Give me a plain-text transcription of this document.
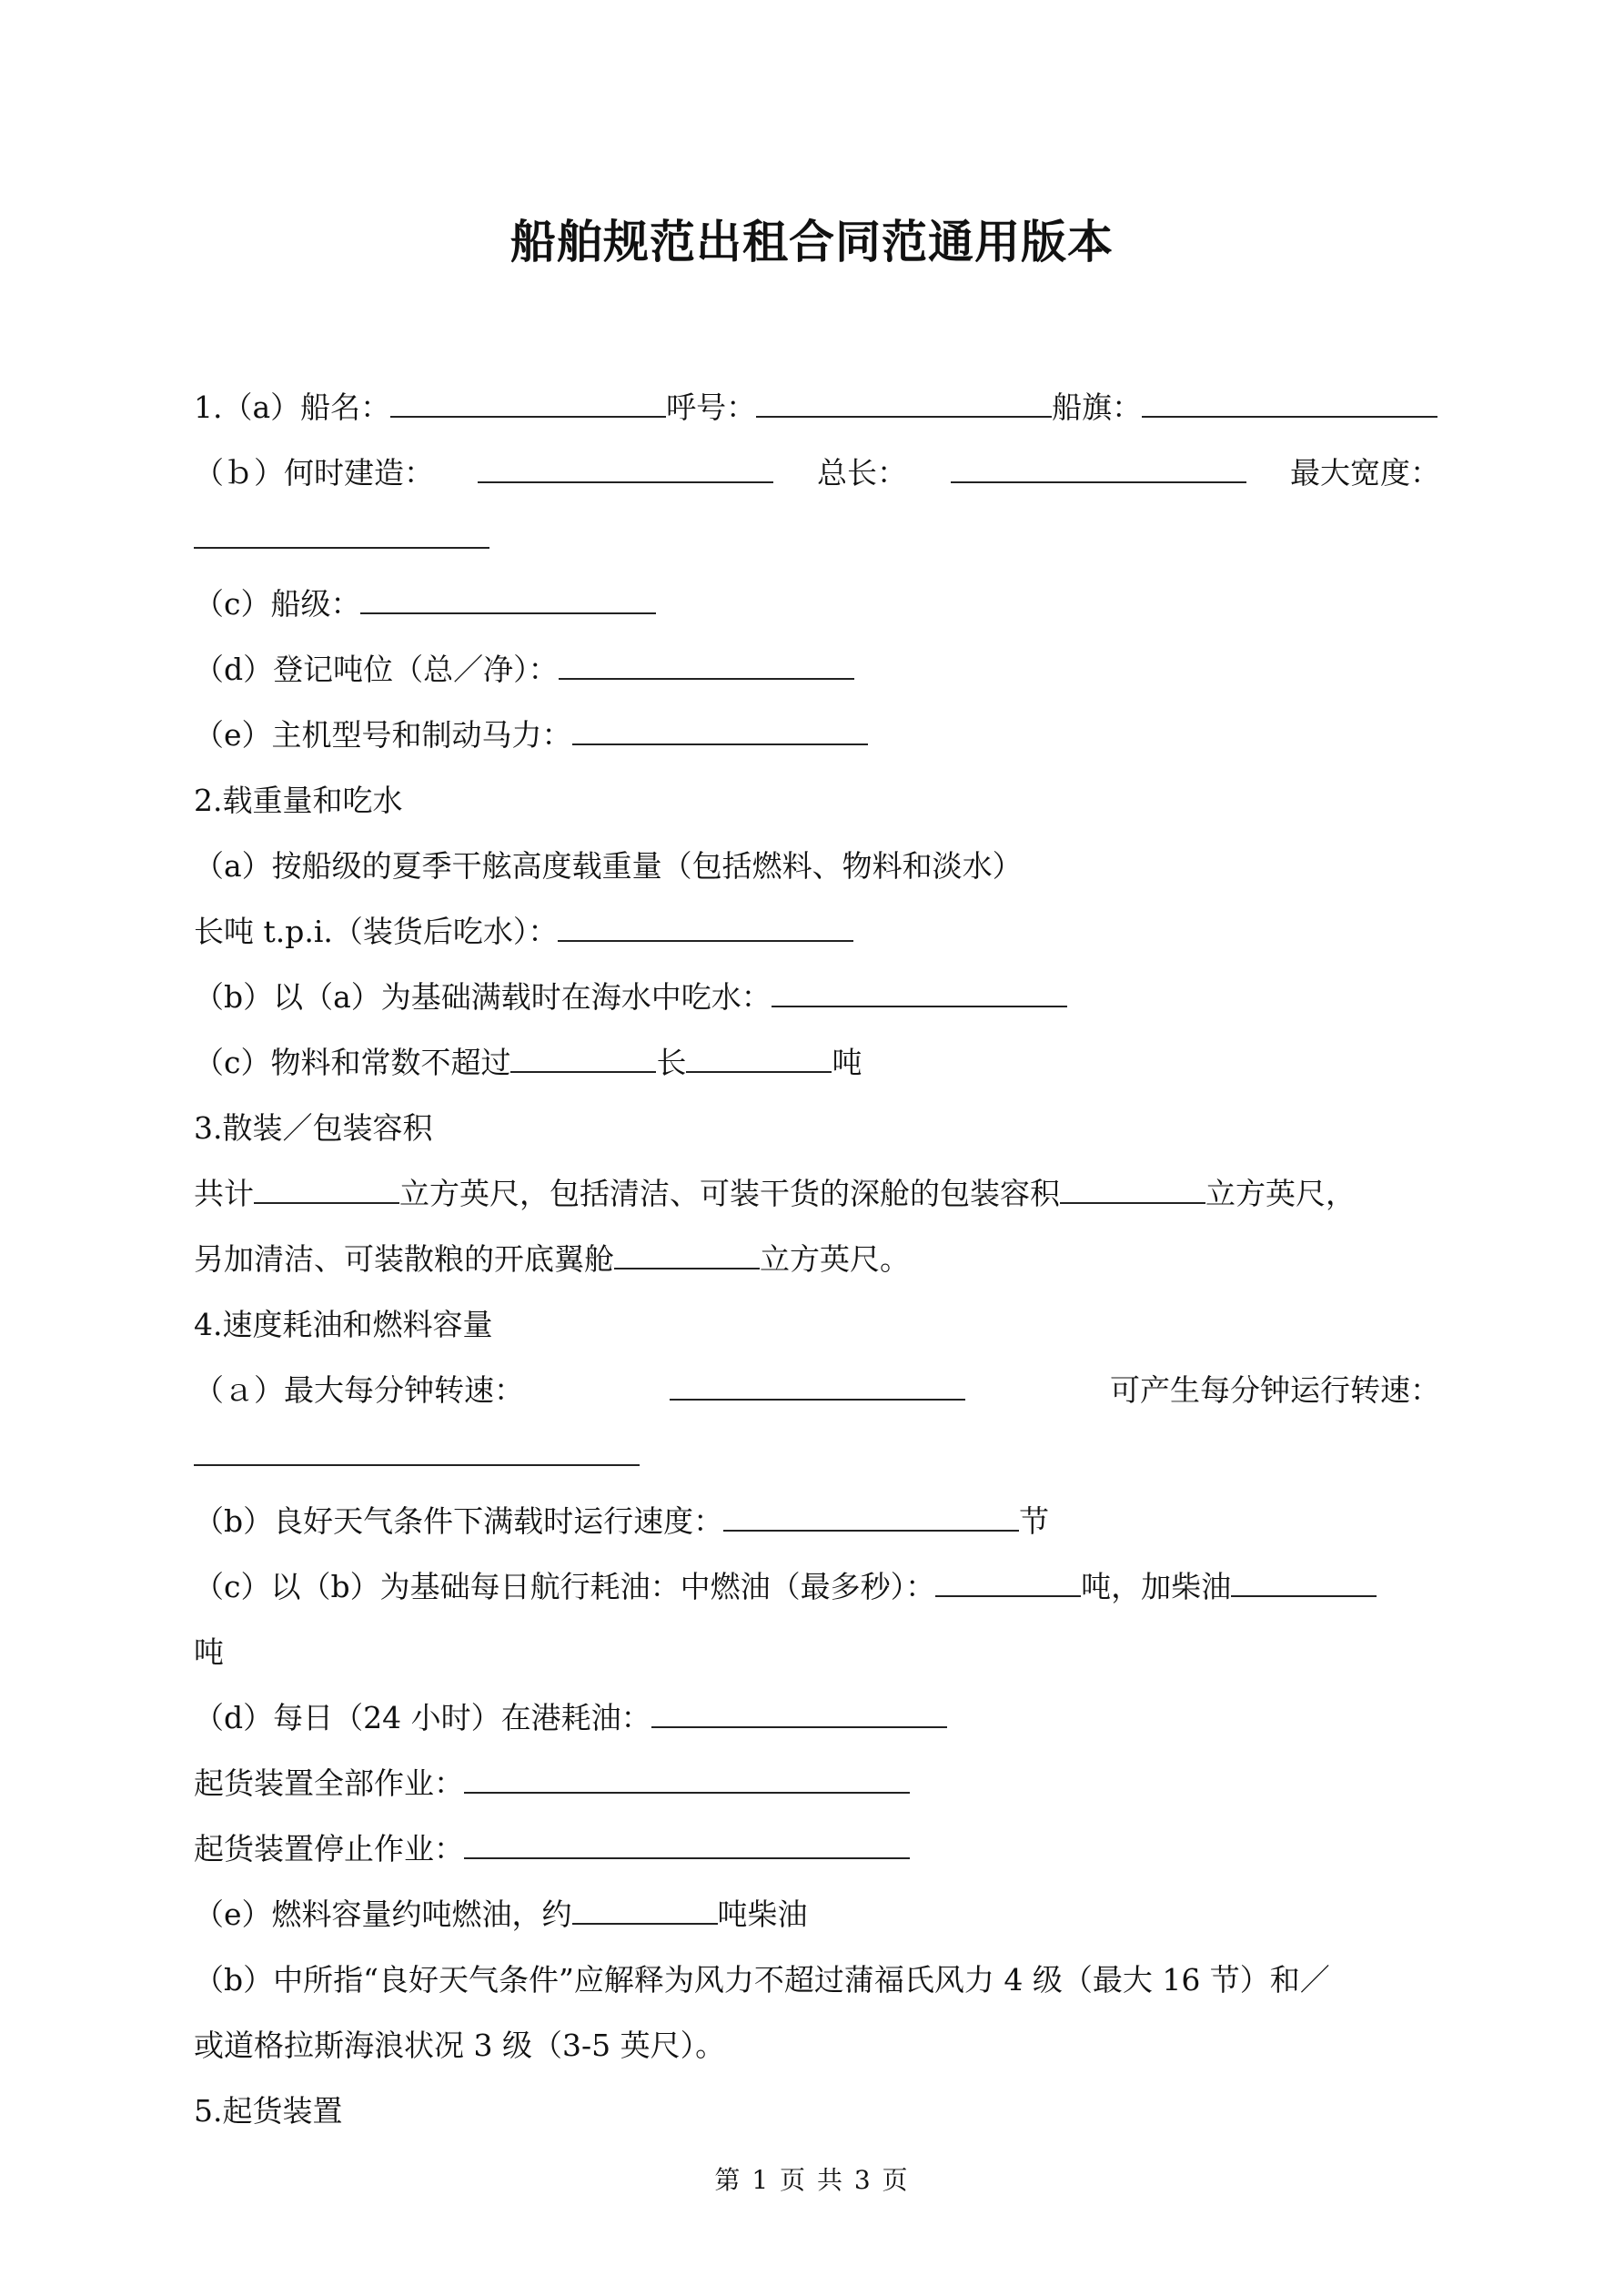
船舶规范出租合同范通用版本
1.（a）船名：	呼号：	船旗：
（ｂ）何时建造：	总长：	最大宽度：
（c）船级：
（d）登记吨位（总／净）：
（e）主机型号和制动马力：
2.载重量和吃水
（a）按船级的夏季干舷高度载重量（包括燃料、物料和淡水）
长吨 t.p.i.（装货后吃水）：
（b）以（a）为基础满载时在海水中吃水：
（c）物料和常数不超过	长	吨
3.散装／包装容积
共计	立方英尺，包括清洁、可装干货的深舱的包装容积	立方英尺，
另加清洁、可装散粮的开底翼舱	立方英尺。
4.速度耗油和燃料容量
（ａ）最大每分钟转速：	可产生每分钟运行转速：
（b）良好天气条件下满载时运行速度：	节
（c）以（b）为基础每日航行耗油：中燃油（最多秒）：	吨，加柴油
吨
（d）每日（24 小时）在港耗油：
起货装置全部作业：
起货装置停止作业：
（e）燃料容量约吨燃油，约	吨柴油
（b）中所指“良好天气条件”应解释为风力不超过蒲福氏风力 4 级（最大 16 节）和／
或道格拉斯海浪状况 3 级（3-5 英尺）。
5.起货装置
第 1 页 共 3 页
